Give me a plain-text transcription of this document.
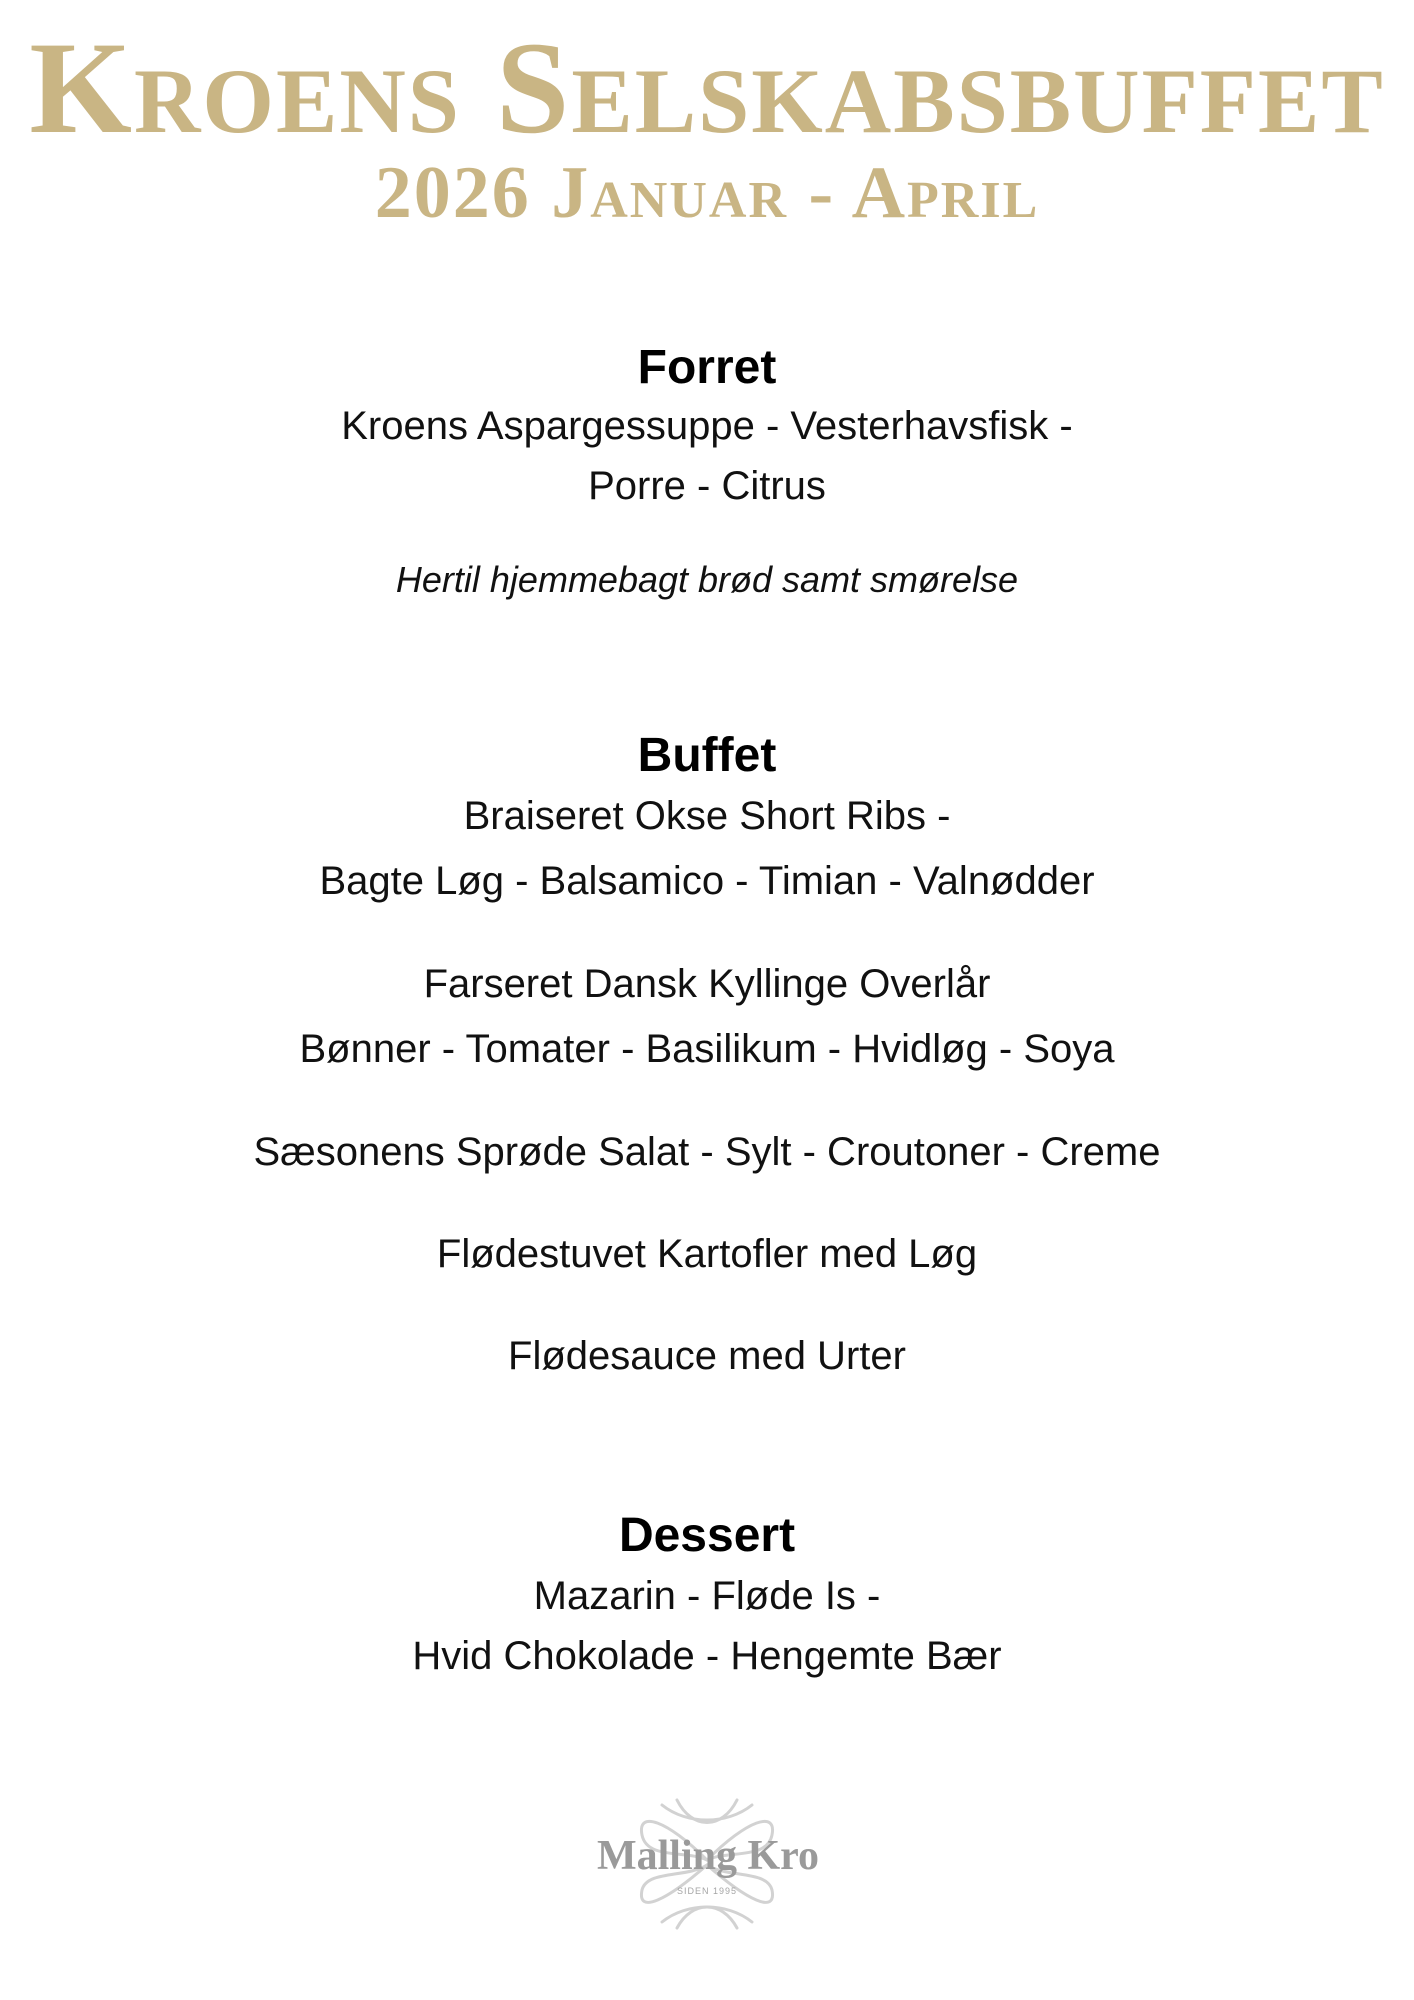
Kroens Selskabsbuffet
2026 Januar - April
Forret
Kroens Aspargessuppe - Vesterhavsfisk -
Porre - Citrus
Hertil hjemmebagt brød samt smørelse
Buffet
Braiseret Okse Short Ribs -
Bagte Løg - Balsamico - Timian - Valnødder
Farseret Dansk Kyllinge Overlår
Bønner - Tomater - Basilikum - Hvidløg - Soya
Sæsonens Sprøde Salat - Sylt - Croutoner - Creme
Flødestuvet Kartofler med Løg
Flødesauce med Urter
Dessert
Mazarin - Fløde Is -
Hvid Chokolade - Hengemte Bær
Malling Kro
SIDEN 1995
